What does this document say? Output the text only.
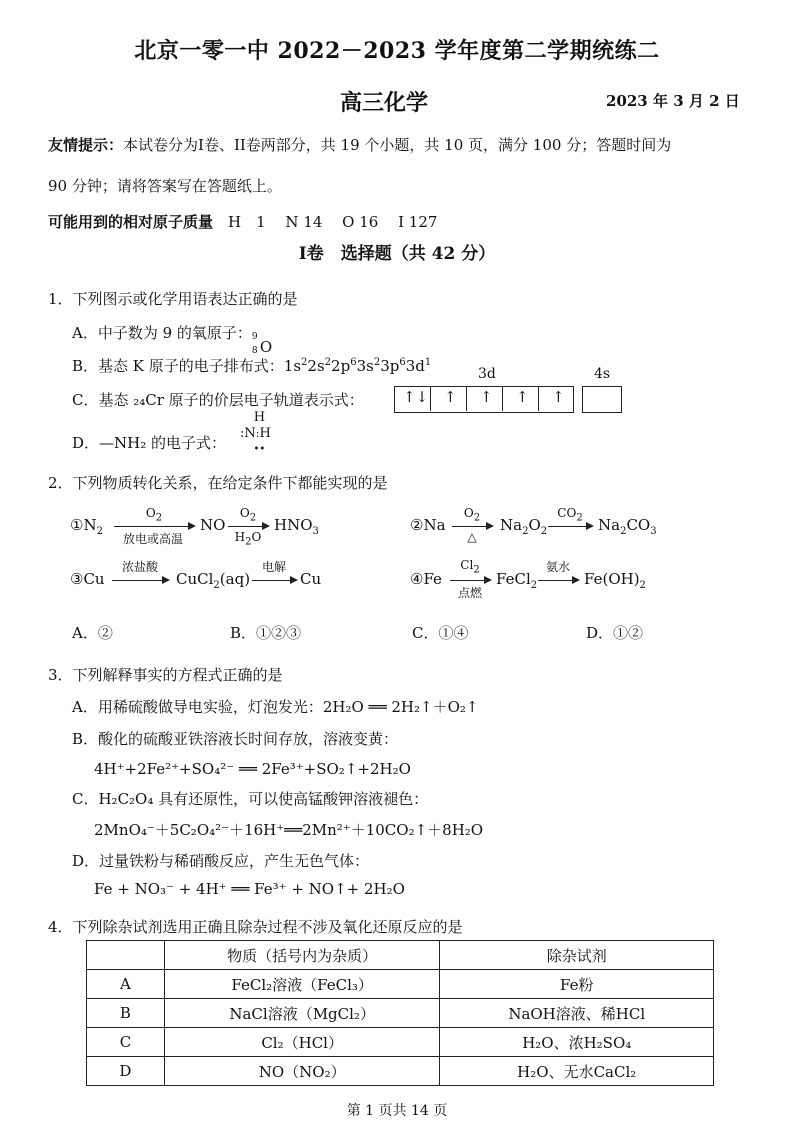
北京一零一中 2022－2023 学年度第二学期统练二
高三化学	2023 年 3 月 2 日
友情提示：本试卷分为I卷、II卷两部分，共 19 个小题，共 10 页，满分 100 分；答题时间为
90 分钟；请将答案写在答题纸上。
可能用到的相对原子质量　 H　1　 N 14　 O 16　 I 127
I卷　选择题（共 42 分）
1．下列图示或化学用语表达正确的是
A．中子数为 9 的氧原子： 9
8 O
B．基态 K 原子的电子排布式：$1s^22s^22p^63s^23p^63d^1$
3d	4s
C．基态 ₂₄Cr 原子的价层电子轨道表示式：	↑↓ ↑ ↑ ↑ ↑
D．—NH₂ 的电子式：
H
:N:H
••
2．下列物质转化关系，在给定条件下都能实现的是
$①N_2$
$O_2$
放电或高温
NO
$O_2$
$H_2O$
$HNO_3$	②Na
$O_2$
△
$Na_2O_2$
$CO_2$	$Na_2CO_3$
③Cu
浓盐酸
CuCl$_2$(aq)
电解
Cu	④Fe
$Cl_2$
点燃
FeCl$_2$
氨水
$Fe(OH)_2$
A．②	B．①②③	C．①④	D．①②
3．下列解释事实的方程式正确的是
A．用稀硫酸做导电实验，灯泡发光：2H₂O ══ 2H₂↑＋O₂↑
B．酸化的硫酸亚铁溶液长时间存放，溶液变黄：
4H⁺+2Fe²⁺+SO₄²⁻ ══ 2Fe³⁺+SO₂↑+2H₂O
C．H₂C₂O₄ 具有还原性，可以使高锰酸钾溶液褪色：
2MnO₄⁻＋5C₂O₄²⁻＋16H⁺══2Mn²⁺＋10CO₂↑＋8H₂O
D．过量铁粉与稀硝酸反应，产生无色气体：
Fe + NO₃⁻ + 4H⁺ ══ Fe³⁺ + NO↑+ 2H₂O
4．下列除杂试剂选用正确且除杂过程不涉及氧化还原反应的是
	物质（括号内为杂质）	除杂试剂
A	FeCl₂溶液（FeCl₃）	Fe粉
B	NaCl溶液（MgCl₂）	NaOH溶液、稀HCl
C	Cl₂（HCl）	H₂O、浓H₂SO₄
D	NO（NO₂）	H₂O、无水CaCl₂
第 1 页共 14 页
